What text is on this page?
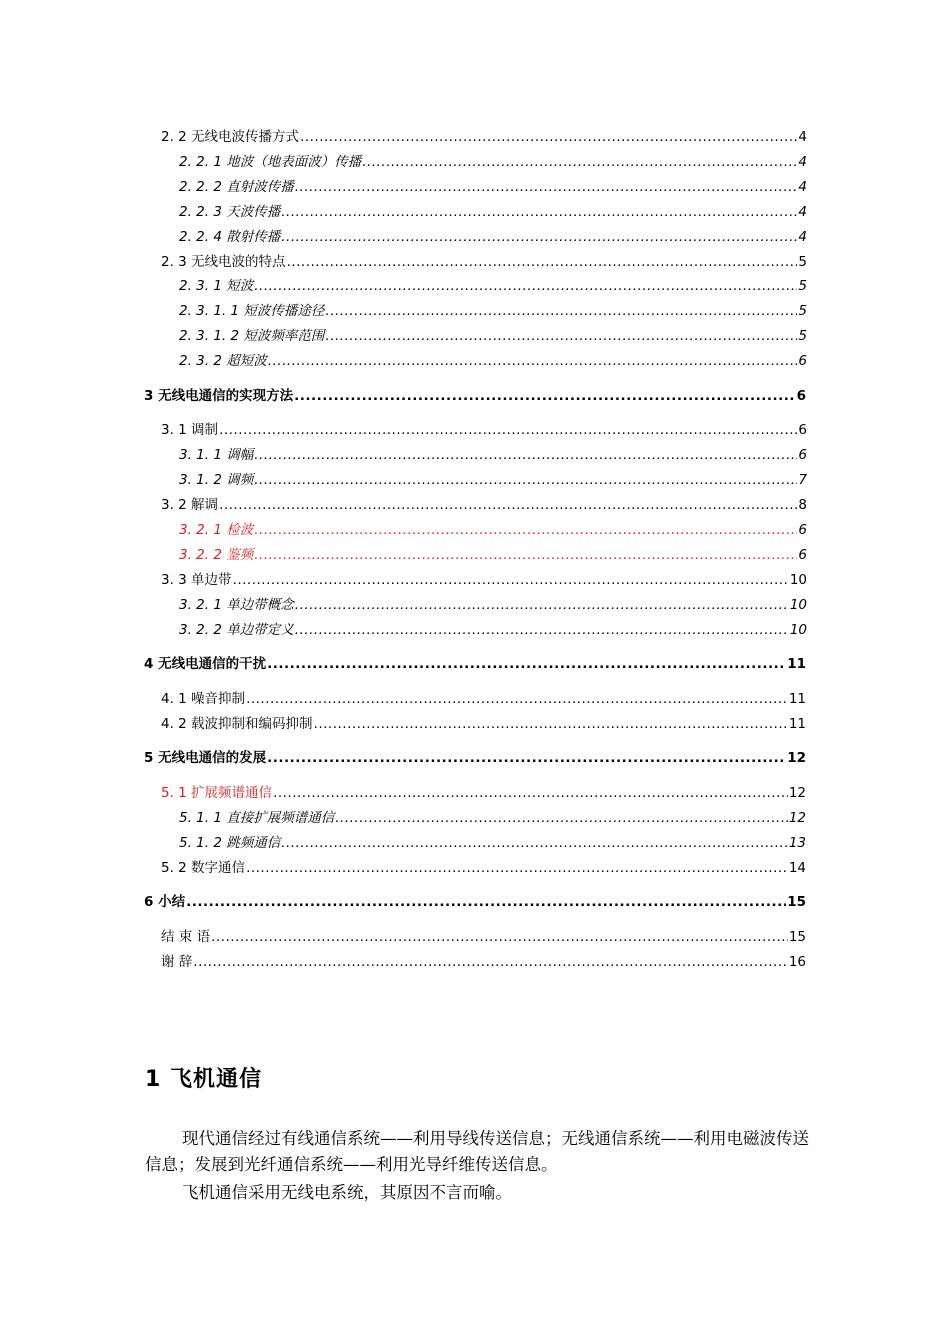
2. 2 无线电波传播方式 .....	4
2. 2. 1 地波（地表面波）传播 .....	4
2. 2. 2 直射波传播 .....	4
2. 2. 3 天波传播 .....	4
2. 2. 4 散射传播 .....	4
2. 3 无线电波的特点 .....	5
2. 3. 1 短波 .....	5
2. 3. 1. 1 短波传播途径 .....	5
2. 3. 1. 2 短波频率范围 .....	5
2. 3. 2 超短波 .....	6
3 无线电通信的实现方法 .....	6
3. 1 调制 .....	6
3. 1. 1 调幅 .....	6
3. 1. 2 调频 .....	7
3. 2 解调 .....	8
3. 2. 1 检波 .....	6
3. 2. 2 鉴频 .....	6
3. 3 单边带 .....	10
3. 2. 1 单边带概念 .....	10
3. 2. 2 单边带定义 .....	10
4 无线电通信的干扰 .....	11
4. 1 噪音抑制 .....	11
4. 2 载波抑制和编码抑制 .....	11
5 无线电通信的发展 .....	12
5. 1 扩展频谱通信 .....	12
5. 1. 1 直接扩展频谱通信 .....	12
5. 1. 2 跳频通信 .....	13
5. 2 数字通信 .....	14
6 小结 .....	15
结 束 语 .....	15
谢 辞 .....	16
1 飞机通信
现代通信经过有线通信系统——利用导线传送信息；无线通信系统——利用电磁波传送信息；发展到光纤通信系统——利用光导纤维传送信息。
飞机通信采用无线电系统，其原因不言而喻。
